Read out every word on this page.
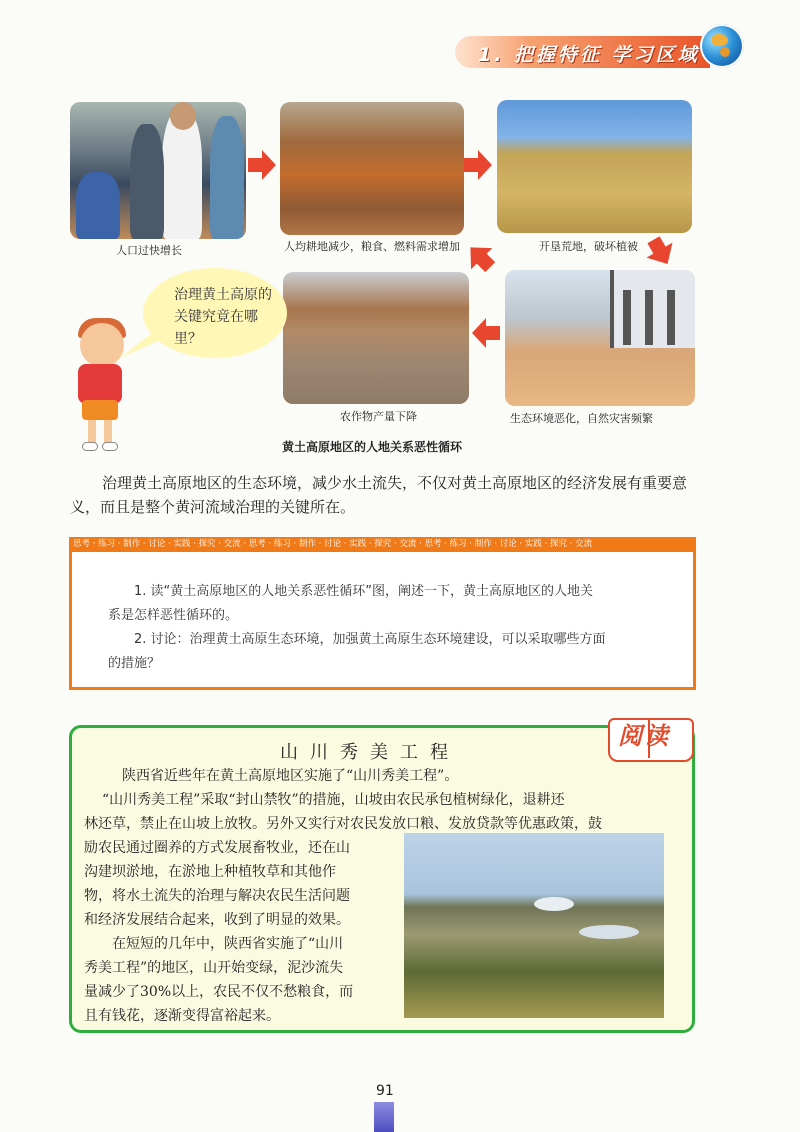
1. 把握特征 学习区域
人口过快增长	人均耕地减少，粮食、燃料需求增加	开垦荒地，破坏植被
生态环境恶化，自然灾害频繁
农作物产量下降
治理黄土高原的关键究竟在哪里？
黄土高原地区的人地关系恶性循环
治理黄土高原地区的生态环境，减少水土流失，不仅对黄土高原地区的经济发展有重要意义，而且是整个黄河流域治理的关键所在。
思考 · 练习 · 制作 · 讨论 · 实践 · 探究 · 交流 · 思考 · 练习 · 制作 · 讨论 · 实践 · 探究 · 交流 · 思考 · 练习 · 制作 · 讨论 · 实践 · 探究 · 交流
1. 读“黄土高原地区的人地关系恶性循环”图，阐述一下，黄土高原地区的人地关
系是怎样恶性循环的。
2. 讨论：治理黄土高原生态环境，加强黄土高原生态环境建设，可以采取哪些方面
的措施？
阅读
山川秀美工程
陕西省近些年在黄土高原地区实施了“山川秀美工程”。
“山川秀美工程”采取“封山禁牧”的措施，山坡由农民承包植树绿化，退耕还
林还草，禁止在山坡上放牧。另外又实行对农民发放口粮、发放贷款等优惠政策，鼓
励农民通过圈养的方式发展畜牧业，还在山
沟建坝淤地，在淤地上种植牧草和其他作
物，将水土流失的治理与解决农民生活问题
和经济发展结合起来，收到了明显的效果。
在短短的几年中，陕西省实施了“山川
秀美工程”的地区，山开始变绿，泥沙流失
量减少了30%以上，农民不仅不愁粮食，而
且有钱花，逐渐变得富裕起来。
91
